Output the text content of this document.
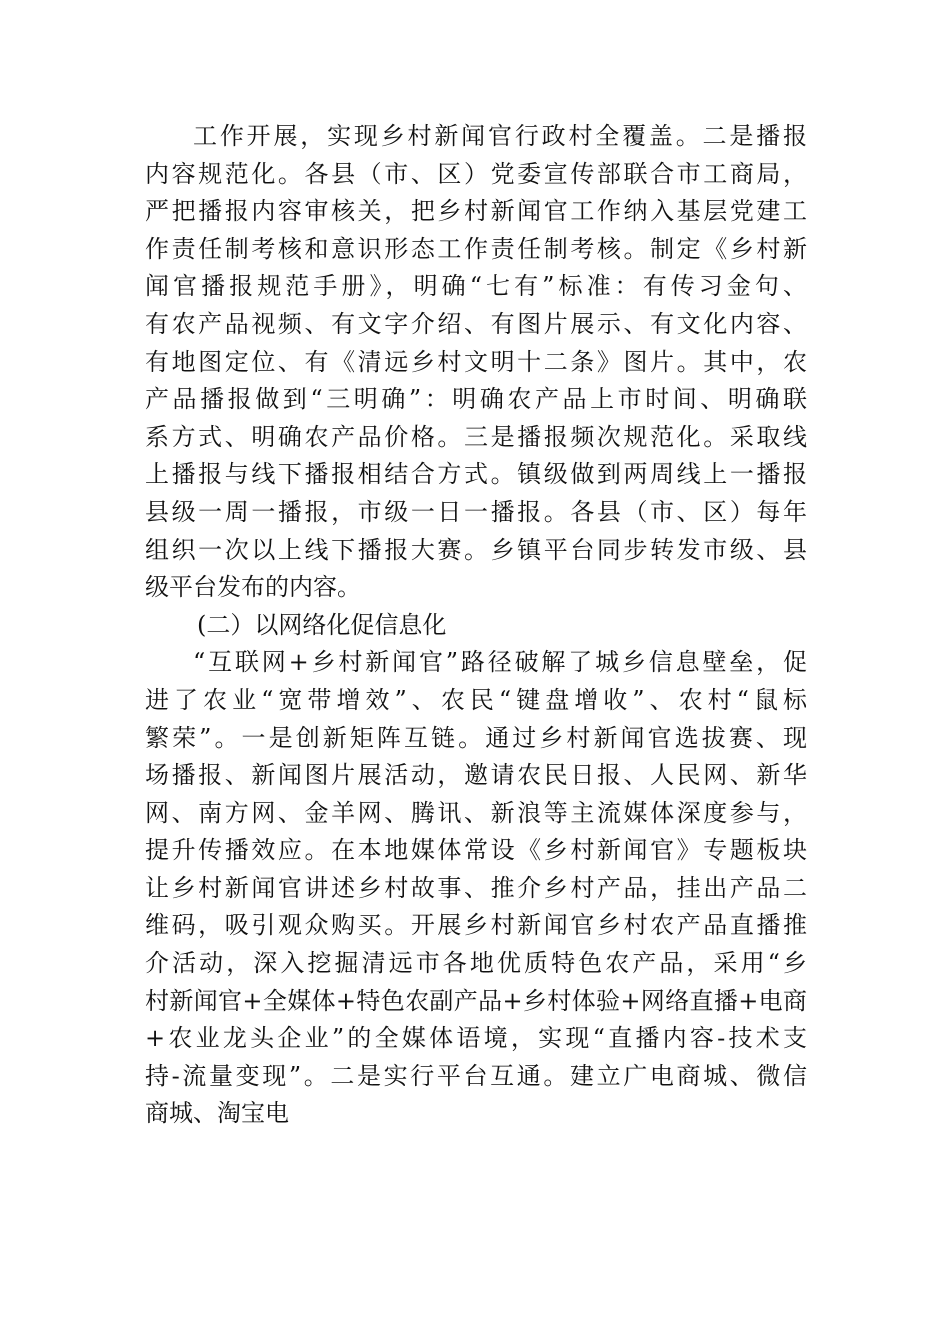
工作开展，实现乡村新闻官行政村全覆盖。二是播报
内容规范化。各县（市、区）党委宣传部联合市工商局，
严把播报内容审核关，把乡村新闻官工作纳入基层党建工
作责任制考核和意识形态工作责任制考核。制定《乡村新
闻官播报规范手册》，明确“七有”标准：有传习金句、
有农产品视频、有文字介绍、有图片展示、有文化内容、
有地图定位、有《清远乡村文明十二条》图片。其中，农
产品播报做到“三明确”：明确农产品上市时间、明确联
系方式、明确农产品价格。三是播报频次规范化。采取线
上播报与线下播报相结合方式。镇级做到两周线上一播报
县级一周一播报，市级一日一播报。各县（市、区）每年
组织一次以上线下播报大赛。乡镇平台同步转发市级、县
级平台发布的内容。
(二）以网络化促信息化
“互联网+乡村新闻官”路径破解了城乡信息壁垒，促
进了农业“宽带增效”、农民“键盘增收”、农村“鼠标
繁荣”。一是创新矩阵互链。通过乡村新闻官选拔赛、现
场播报、新闻图片展活动，邀请农民日报、人民网、新华
网、南方网、金羊网、腾讯、新浪等主流媒体深度参与，
提升传播效应。在本地媒体常设《乡村新闻官》专题板块
让乡村新闻官讲述乡村故事、推介乡村产品，挂出产品二
维码，吸引观众购买。开展乡村新闻官乡村农产品直播推
介活动，深入挖掘清远市各地优质特色农产品，采用“乡
村新闻官+全媒体+特色农副产品+乡村体验+网络直播+电商
+农业龙头企业”的全媒体语境，实现“直播内容-技术支
持-流量变现”。二是实行平台互通。建立广电商城、微信
商城、淘宝电
